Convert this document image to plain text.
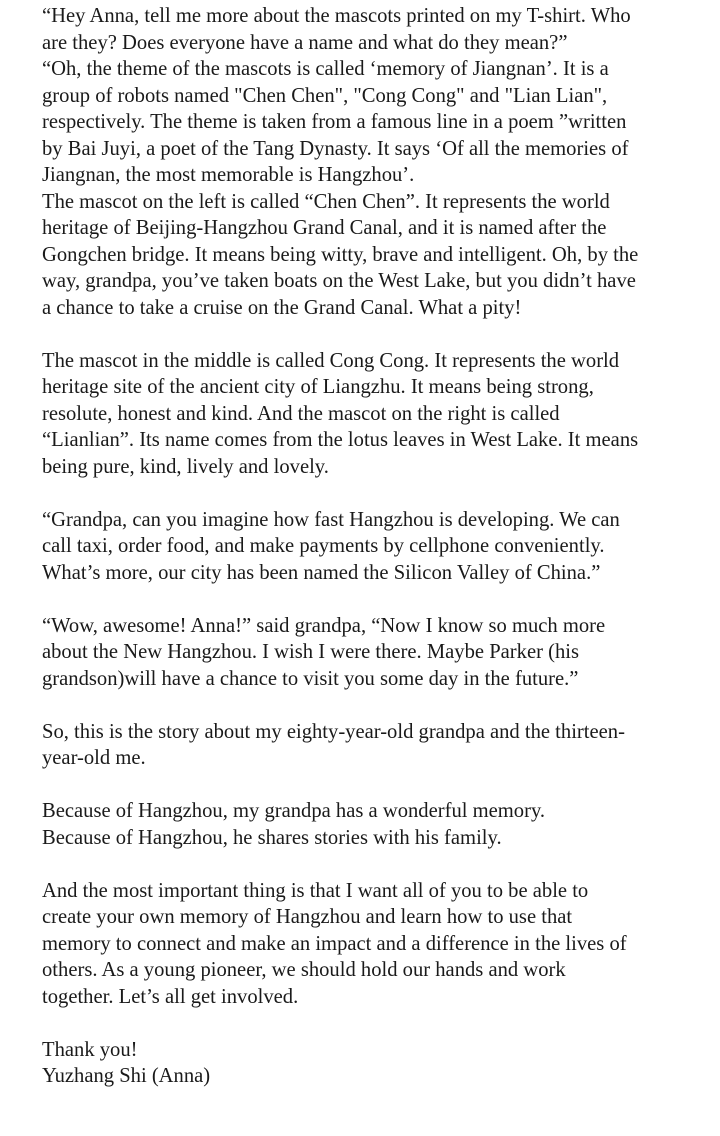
“Hey Anna, tell me more about the mascots printed on my T-shirt. Who
are they? Does everyone have a name and what do they mean?”
“Oh, the theme of the mascots is called ‘memory of Jiangnan’. It is a
group of robots named "Chen Chen", "Cong Cong" and "Lian Lian",
respectively. The theme is taken from a famous line in a poem ”written
by Bai Juyi, a poet of the Tang Dynasty. It says ‘Of all the memories of
Jiangnan, the most memorable is Hangzhou’.
The mascot on the left is called “Chen Chen”. It represents the world
heritage of Beijing-Hangzhou Grand Canal, and it is named after the
Gongchen bridge. It means being witty, brave and intelligent. Oh, by the
way, grandpa, you’ve taken boats on the West Lake, but you didn’t have
a chance to take a cruise on the Grand Canal. What a pity!
The mascot in the middle is called Cong Cong. It represents the world
heritage site of the ancient city of Liangzhu. It means being strong,
resolute, honest and kind. And the mascot on the right is called
“Lianlian”. Its name comes from the lotus leaves in West Lake. It means
being pure, kind, lively and lovely.
“Grandpa, can you imagine how fast Hangzhou is developing. We can
call taxi, order food, and make payments by cellphone conveniently.
What’s more, our city has been named the Silicon Valley of China.”
“Wow, awesome! Anna!” said grandpa, “Now I know so much more
about the New Hangzhou. I wish I were there. Maybe Parker (his
grandson)will have a chance to visit you some day in the future.”
So, this is the story about my eighty-year-old grandpa and the thirteen-
year-old me.
Because of Hangzhou, my grandpa has a wonderful memory.
Because of Hangzhou, he shares stories with his family.
And the most important thing is that I want all of you to be able to
create your own memory of Hangzhou and learn how to use that
memory to connect and make an impact and a difference in the lives of
others. As a young pioneer, we should hold our hands and work
together. Let’s all get involved.
Thank you!
Yuzhang Shi (Anna)
